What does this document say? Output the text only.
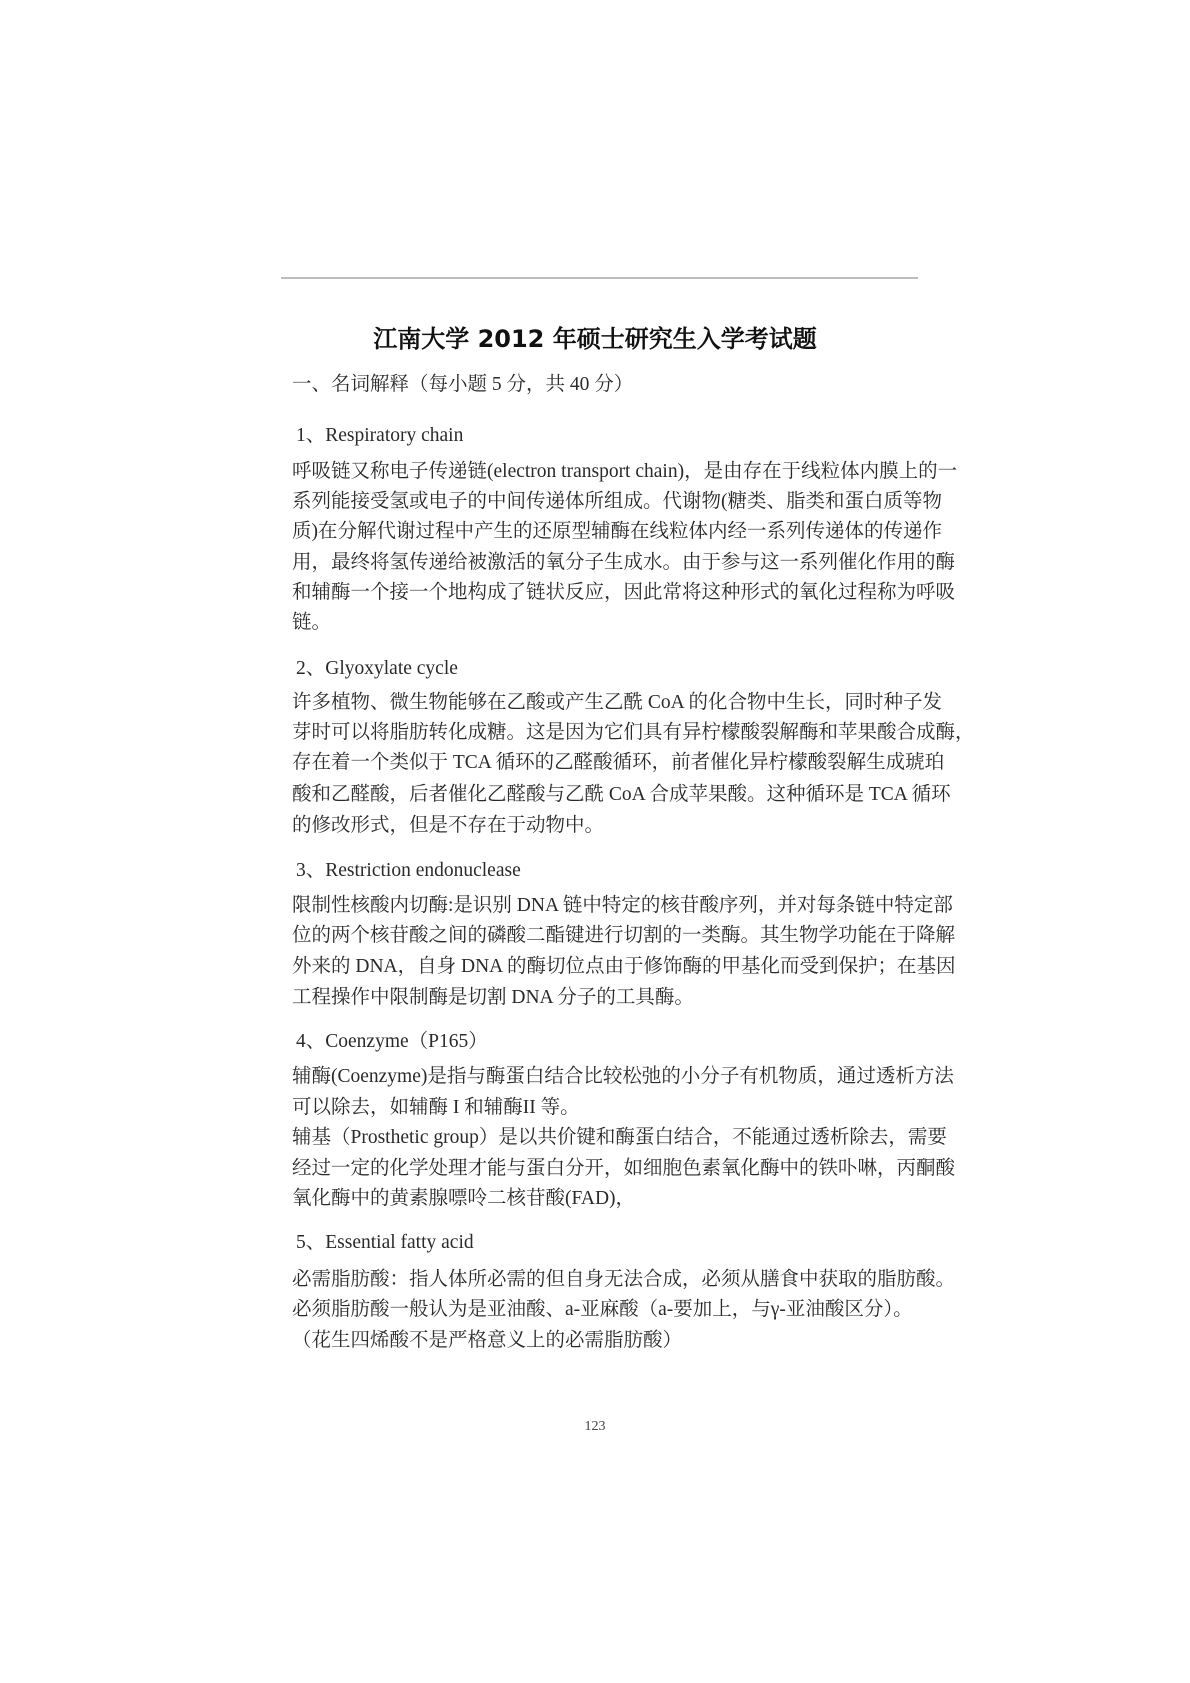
江南大学 2012 年硕士研究生入学考试题
一、名词解释（每小题 5 分，共 40 分）
1、Respiratory chain
呼吸链又称电子传递链(electron transport chain)，是由存在于线粒体内膜上的一
系列能接受氢或电子的中间传递体所组成。代谢物(糖类、脂类和蛋白质等物
质)在分解代谢过程中产生的还原型辅酶在线粒体内经一系列传递体的传递作
用，最终将氢传递给被激活的氧分子生成水。由于参与这一系列催化作用的酶
和辅酶一个接一个地构成了链状反应，因此常将这种形式的氧化过程称为呼吸
链。
2、Glyoxylate cycle
许多植物、微生物能够在乙酸或产生乙酰 CoA 的化合物中生长，同时种子发
芽时可以将脂肪转化成糖。这是因为它们具有异柠檬酸裂解酶和苹果酸合成酶，
存在着一个类似于 TCA 循环的乙醛酸循环，前者催化异柠檬酸裂解生成琥珀
酸和乙醛酸，后者催化乙醛酸与乙酰 CoA 合成苹果酸。这种循环是 TCA 循环
的修改形式，但是不存在于动物中。
3、Restriction endonuclease
限制性核酸内切酶:是识别 DNA 链中特定的核苷酸序列，并对每条链中特定部
位的两个核苷酸之间的磷酸二酯键进行切割的一类酶。其生物学功能在于降解
外来的 DNA，自身 DNA 的酶切位点由于修饰酶的甲基化而受到保护；在基因
工程操作中限制酶是切割 DNA 分子的工具酶。
4、Coenzyme（P165）
辅酶(Coenzyme)是指与酶蛋白结合比较松弛的小分子有机物质，通过透析方法
可以除去，如辅酶 I 和辅酶II 等。
辅基（Prosthetic group）是以共价键和酶蛋白结合，不能通过透析除去，需要
经过一定的化学处理才能与蛋白分开，如细胞色素氧化酶中的铁卟啉，丙酮酸
氧化酶中的黄素腺嘌呤二核苷酸(FAD)，
5、Essential fatty acid
必需脂肪酸：指人体所必需的但自身无法合成，必须从膳食中获取的脂肪酸。
必须脂肪酸一般认为是亚油酸、a-亚麻酸（a-要加上，与γ-亚油酸区分）。
（花生四烯酸不是严格意义上的必需脂肪酸）
123
